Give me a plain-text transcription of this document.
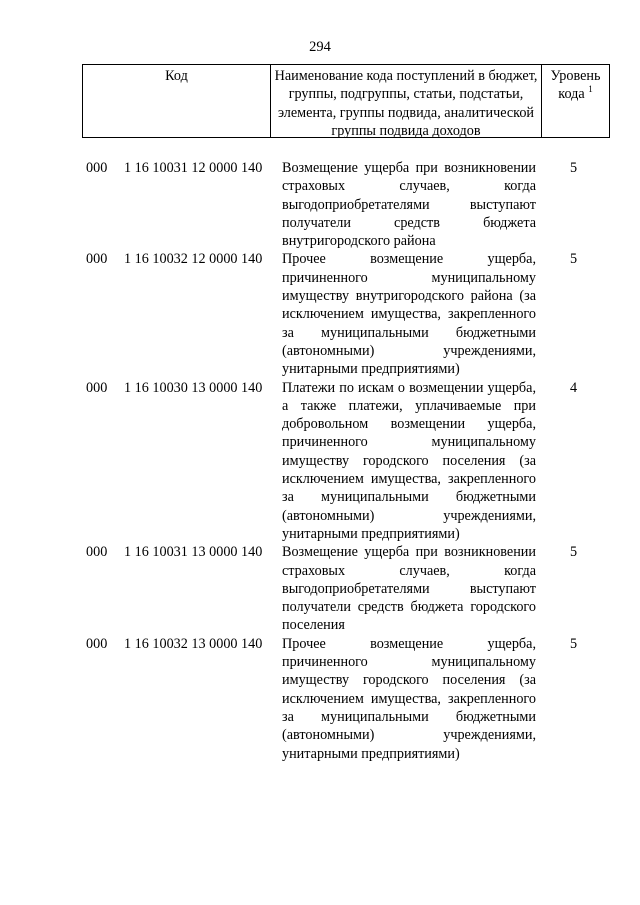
294
Код	Наименование кода поступлений в бюджет, группы, подгруппы, статьи, подстатьи, элемента, группы подвида, аналитической группы подвида доходов
Уровень кода $^1$
000 1 16 10031 12 0000 140 Возмещение ущерба при возникновении страховых случаев, когда выгодоприобретателями выступают получатели средств бюджета внутригородского района
5
000 1 16 10032 12 0000 140 Прочее возмещение ущерба, причиненного муниципальному имуществу внутригородского района (за исключением имущества, закрепленного за муниципальными бюджетными (автономными) учреждениями, унитарными предприятиями)
5
000 1 16 10030 13 0000 140 Платежи по искам о возмещении ущерба, а также платежи, уплачиваемые при добровольном возмещении ущерба, причиненного муниципальному имуществу городского поселения (за исключением имущества, закрепленного за муниципальными бюджетными (автономными) учреждениями, унитарными предприятиями)
4
000 1 16 10031 13 0000 140 Возмещение ущерба при возникновении страховых случаев, когда выгодоприобретателями выступают получатели средств бюджета городского поселения
5
000 1 16 10032 13 0000 140 Прочее возмещение ущерба, причиненного муниципальному имуществу городского поселения (за исключением имущества, закрепленного за муниципальными бюджетными (автономными) учреждениями, унитарными предприятиями)
5
